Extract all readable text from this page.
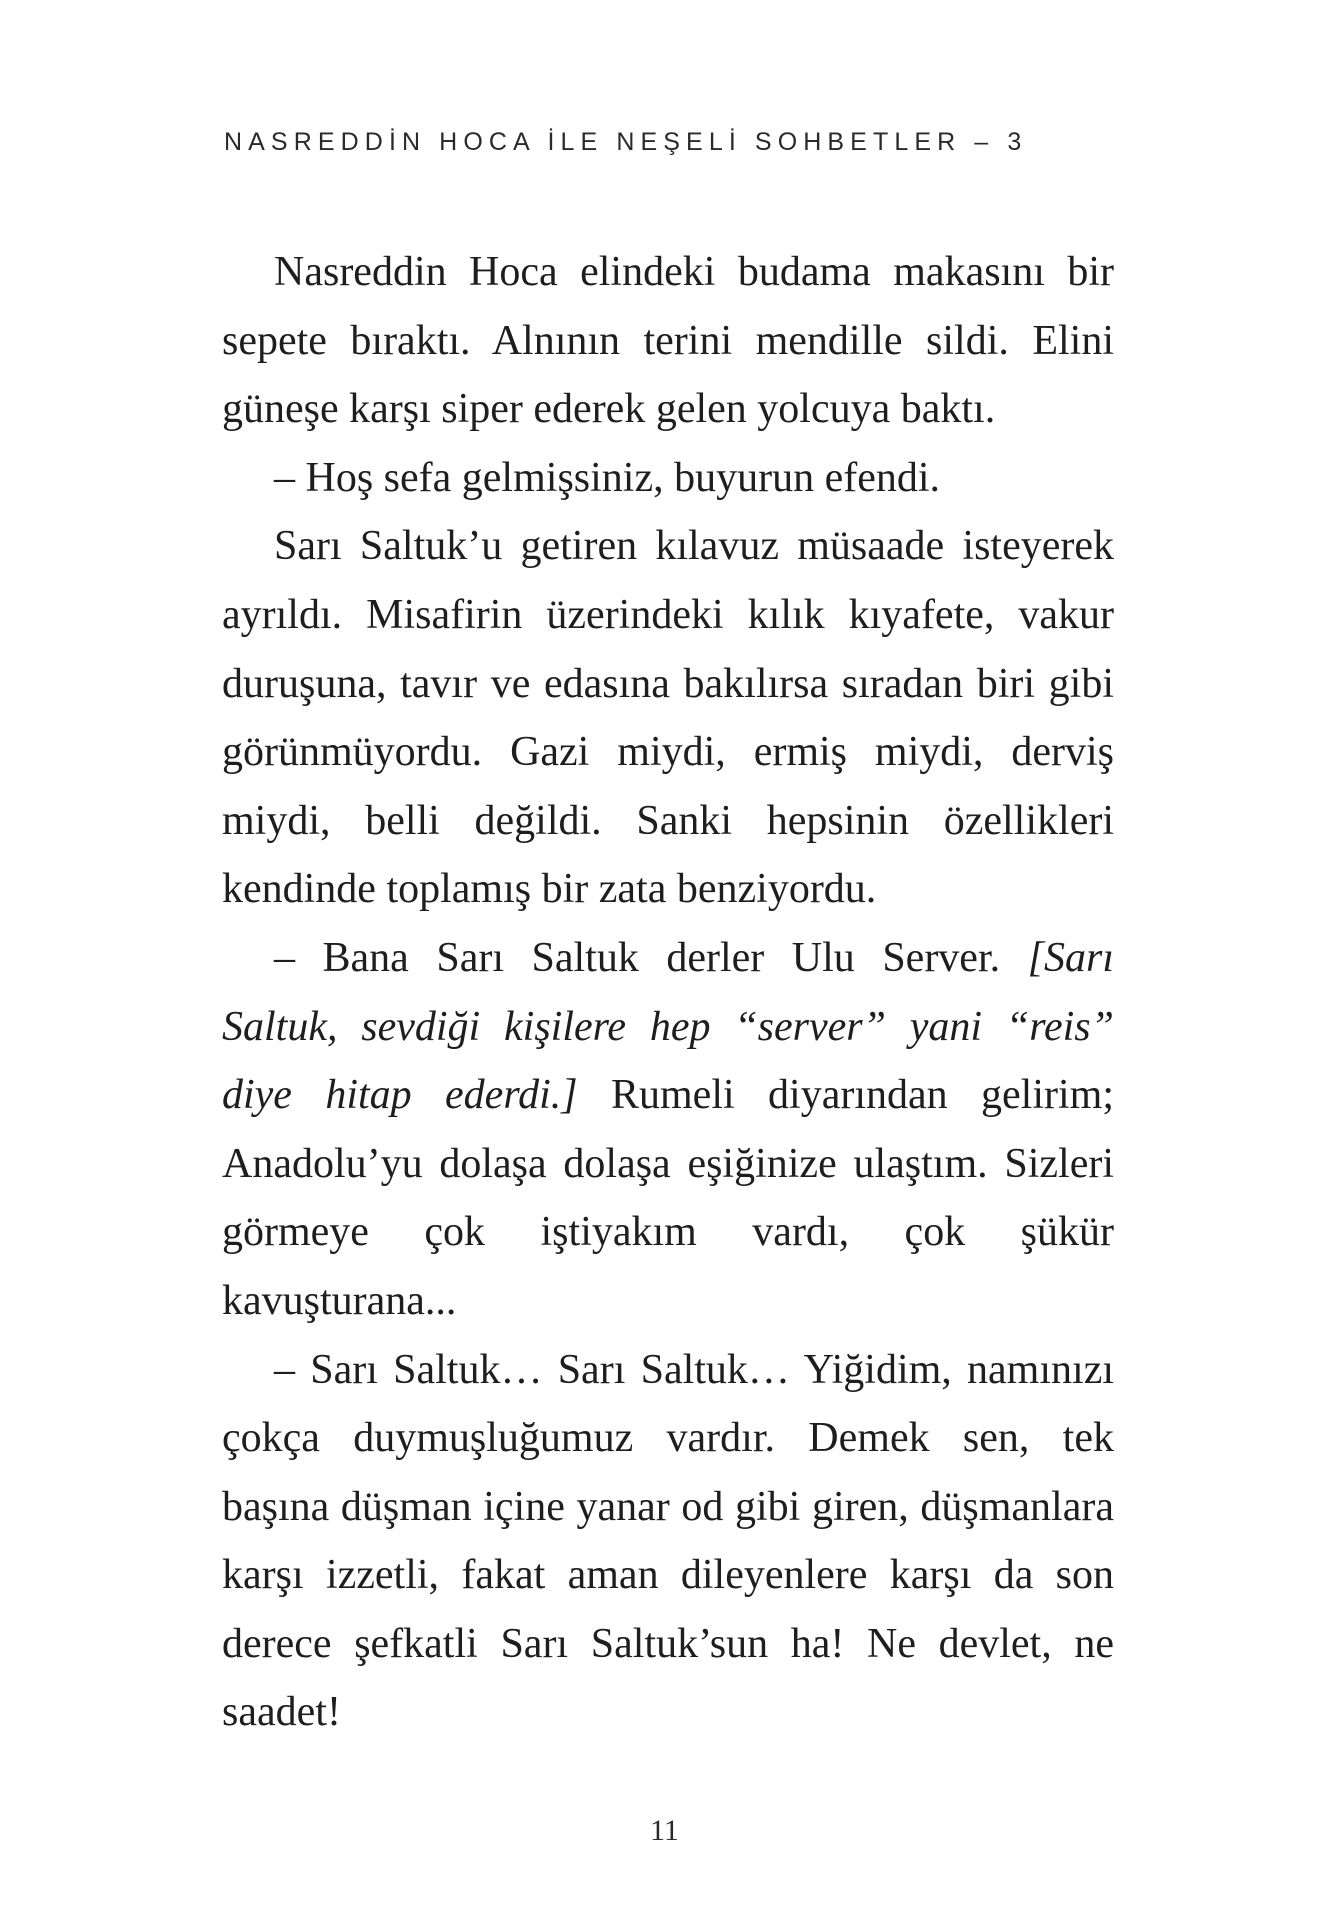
NASREDDİN HOCA İLE NEŞELİ SOHBETLER – 3

Nasreddin Hoca elindeki budama makasını bir sepete bıraktı. Alnının terini mendille sildi. Elini güneşe karşı siper ederek gelen yolcuya baktı.

– Hoş sefa gelmişsiniz, buyurun efendi.

Sarı Saltuk’u getiren kılavuz müsaade isteyerek ayrıldı. Misafirin üzerindeki kılık kıyafete, vakur duruşuna, tavır ve edasına bakılırsa sıradan biri gibi görünmüyordu. Gazi miydi, ermiş miydi, derviş miydi, belli değildi. Sanki hepsinin özellikleri kendinde toplamış bir zata benziyordu.

– Bana Sarı Saltuk derler Ulu Server. [Sarı Saltuk, sevdiği kişilere hep “server” yani “reis” diye hitap ederdi.] Rumeli diyarından gelirim; Anadolu’yu dolaşa dolaşa eşiğinize ulaştım. Sizleri görmeye çok iştiyakım vardı, çok şükür kavuşturana...

– Sarı Saltuk… Sarı Saltuk… Yiğidim, namınızı çokça duymuşluğumuz vardır. Demek sen, tek başına düşman içine yanar od gibi giren, düşmanlara karşı izzetli, fakat aman dileyenlere karşı da son derece şefkatli Sarı Saltuk’sun ha! Ne devlet, ne saadet!

11
